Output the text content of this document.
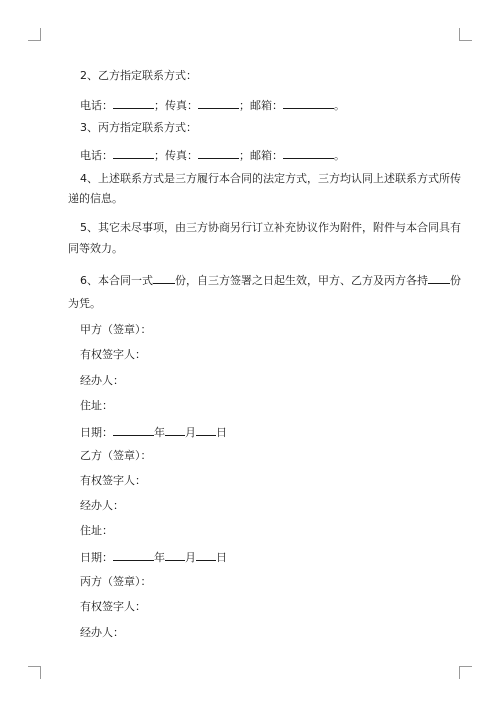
2、乙方指定联系方式：
电话：	；传真：	；邮箱：	。
3、丙方指定联系方式：
电话：	；传真：	；邮箱：	。
4、上述联系方式是三方履行本合同的法定方式，三方均认同上述联系方式所传
递的信息。
5、其它未尽事项，由三方协商另行订立补充协议作为附件，附件与本合同具有
同等效力。
6、本合同一式 份，自三方签署之日起生效，甲方、乙方及丙方各持 份
为凭。
甲方（签章）：
有权签字人：
经办人：
住址：
日期：	年 月 日
乙方（签章）：
有权签字人：
经办人：
住址：
日期：	年 月 日
丙方（签章）：
有权签字人：
经办人：
